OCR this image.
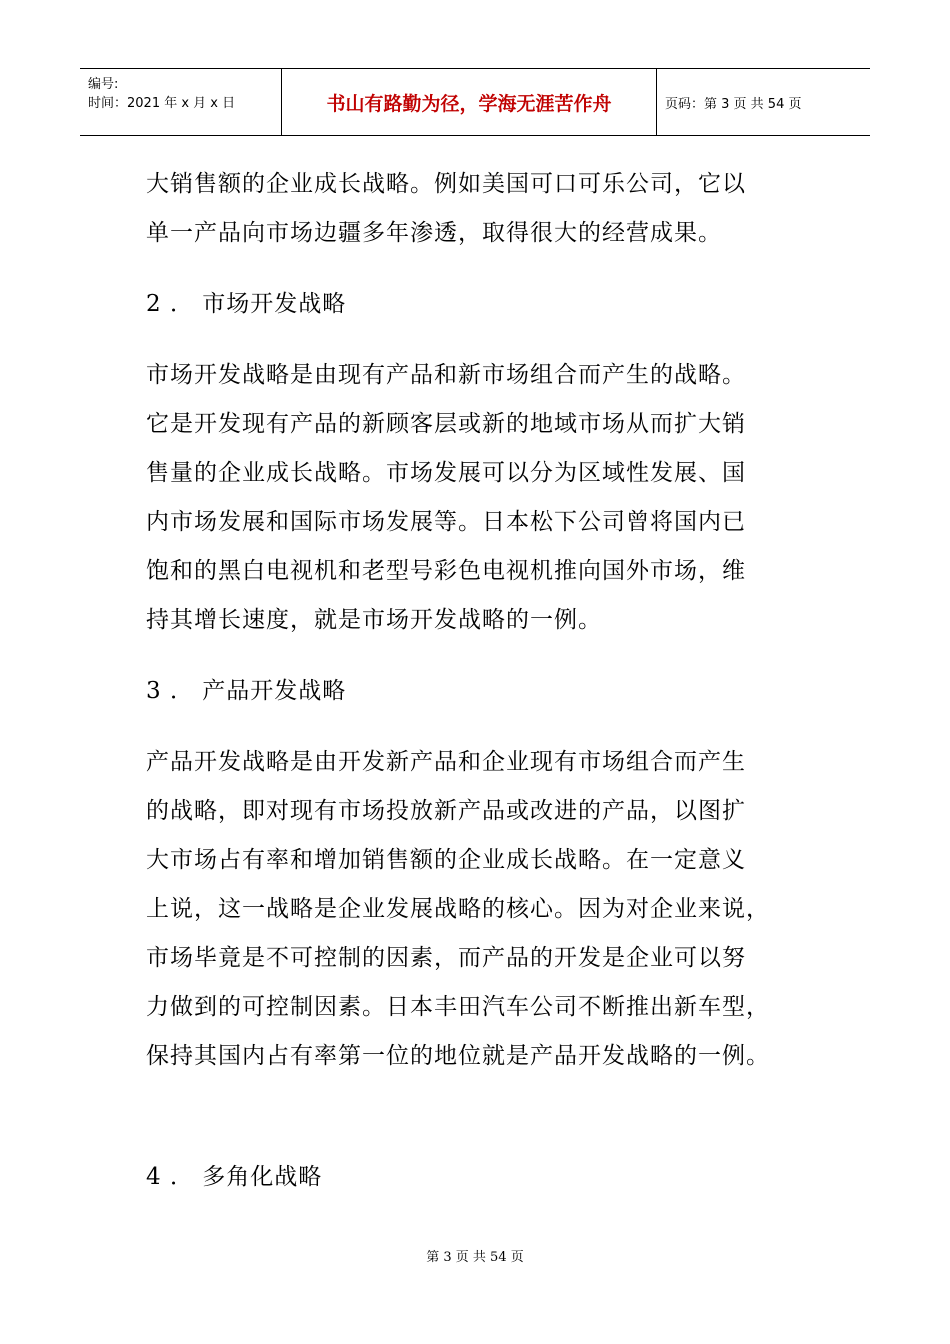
编号:
时间：2021 年 x 月 x 日	书山有路勤为径，学海无涯苦作舟	页码：第 3 页 共 54 页

大销售额的企业成长战略。例如美国可口可乐公司，它以

单一产品向市场边疆多年渗透，取得很大的经营成果。

2 ． 市场开发战略

市场开发战略是由现有产品和新市场组合而产生的战略。

它是开发现有产品的新顾客层或新的地域市场从而扩大销

售量的企业成长战略。市场发展可以分为区域性发展、国

内市场发展和国际市场发展等。日本松下公司曾将国内已

饱和的黑白电视机和老型号彩色电视机推向国外市场，维

持其增长速度，就是市场开发战略的一例。

3 ． 产品开发战略

产品开发战略是由开发新产品和企业现有市场组合而产生

的战略，即对现有市场投放新产品或改进的产品，以图扩

大市场占有率和增加销售额的企业成长战略。在一定意义

上说，这一战略是企业发展战略的核心。因为对企业来说，

市场毕竟是不可控制的因素，而产品的开发是企业可以努

力做到的可控制因素。日本丰田汽车公司不断推出新车型，

保持其国内占有率第一位的地位就是产品开发战略的一例。

4 ． 多角化战略

第 3 页 共 54 页
